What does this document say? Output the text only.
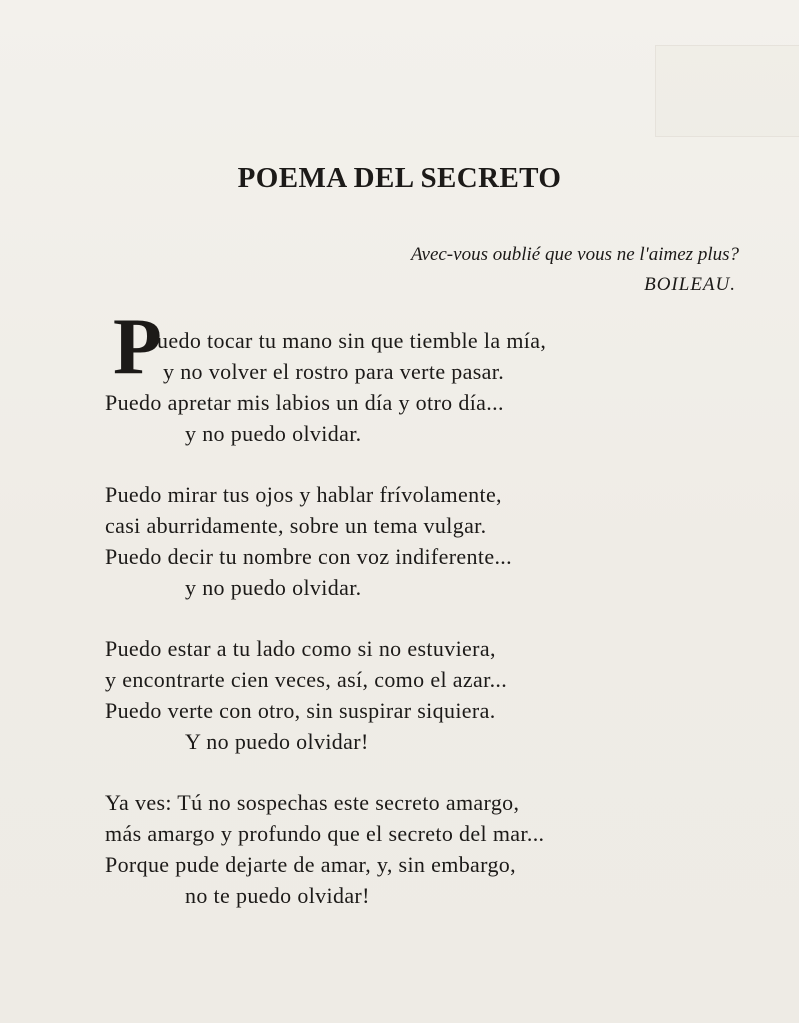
POEMA DEL SECRETO
Avec-vous oublié que vous ne l'aimez plus?
BOILEAU.
P
uedo tocar tu mano sin que tiemble la mía,
y no volver el rostro para verte pasar.
Puedo apretar mis labios un día y otro día...
y no puedo olvidar.
Puedo mirar tus ojos y hablar frívolamente,
casi aburridamente, sobre un tema vulgar.
Puedo decir tu nombre con voz indiferente...
y no puedo olvidar.
Puedo estar a tu lado como si no estuviera,
y encontrarte cien veces, así, como el azar...
Puedo verte con otro, sin suspirar siquiera.
Y no puedo olvidar!
Ya ves: Tú no sospechas este secreto amargo,
más amargo y profundo que el secreto del mar...
Porque pude dejarte de amar, y, sin embargo,
no te puedo olvidar!
